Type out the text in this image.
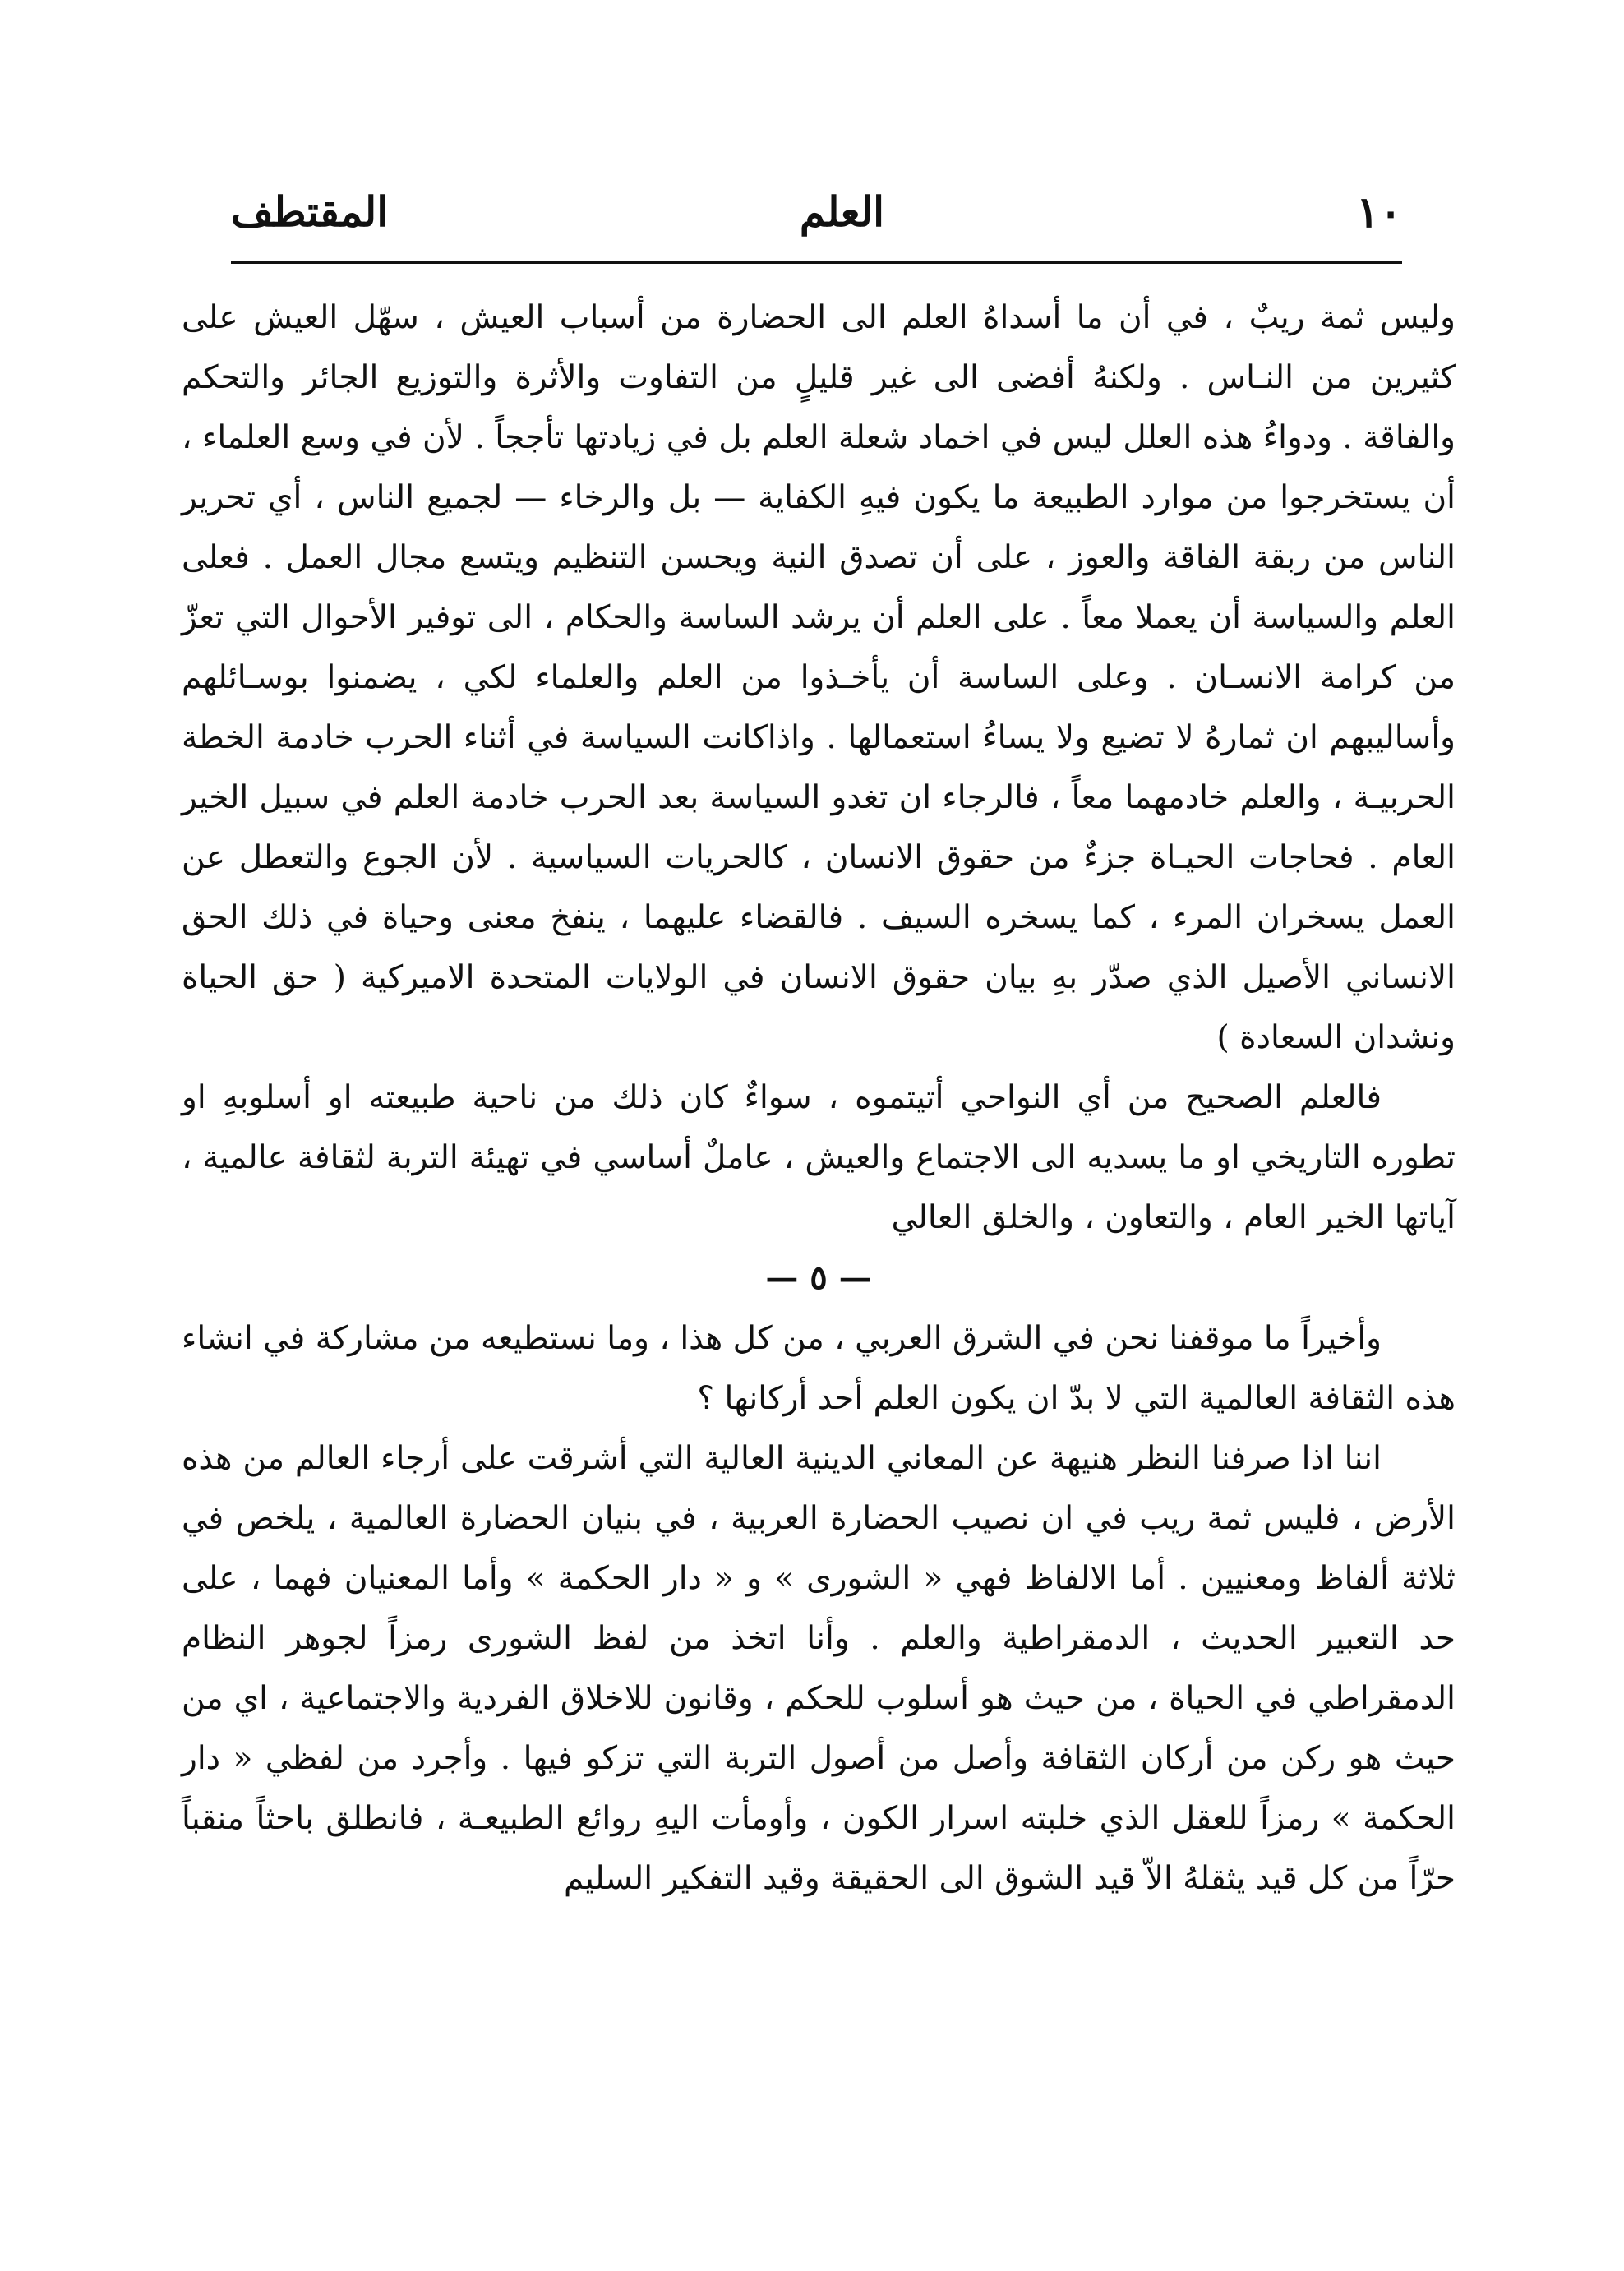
١٠
العلم
المقتطف

وليس ثمة ريبٌ ، في أن ما أسداهُ العلم الى الحضارة من أسباب العيش ، سهّل العيش على كثيرين من النـاس . ولكنهُ أفضى الى غير قليلٍ من التفاوت والأثرة والتوزيع الجائر والتحكم والفاقة . ودواءُ هذه العلل ليس في اخماد شعلة العلم بل في زيادتها تأججاً . لأن في وسع العلماء ، أن يستخرجوا من موارد الطبيعة ما يكون فيهِ الكفاية — بل والرخاء — لجميع الناس ، أي تحرير الناس من ربقة الفاقة والعوز ، على أن تصدق النية ويحسن التنظيم ويتسع مجال العمل . فعلى العلم والسياسة أن يعملا معاً . على العلم أن يرشد الساسة والحكام ، الى توفير الأحوال التي تعزّ من كرامة الانسـان . وعلى الساسة أن يأخـذوا من العلم والعلماء لكي ، يضمنوا بوسـائلهم وأساليبهم ان ثمارهُ لا تضيع ولا يساءُ استعمالها . واذاكانت السياسة في أثناء الحرب خادمة الخطة الحربيـة ، والعلم خادمهما معاً ، فالرجاء ان تغدو السياسة بعد الحرب خادمة العلم في سبيل الخير العام . فحاجات الحيـاة جزءٌ من حقوق الانسان ، كالحريات السياسية . لأن الجوع والتعطل عن العمل يسخران المرء ، كما يسخره السيف . فالقضاء عليهما ، ينفخ معنى وحياة في ذلك الحق الانساني الأصيل الذي صدّر بهِ بيان حقوق الانسان في الولايات المتحدة الاميركية ( حق الحياة ونشدان السعادة )

فالعلم الصحيح من أي النواحي أتيتموه ، سواءٌ كان ذلك من ناحية طبيعته او أسلوبهِ او تطوره التاريخي او ما يسديه الى الاجتماع والعيش ، عاملٌ أساسي في تهيئة التربة لثقافة عالمية ، آياتها الخير العام ، والتعاون ، والخلق العالي

— ٥ —

وأخيراً ما موقفنا نحن في الشرق العربي ، من كل هذا ، وما نستطيعه من مشاركة في انشاء هذه الثقافة العالمية التي لا بدّ ان يكون العلم أحد أركانها ؟

اننا اذا صرفنا النظر هنيهة عن المعاني الدينية العالية التي أشرقت على أرجاء العالم من هذه الأرض ، فليس ثمة ريب في ان نصيب الحضارة العربية ، في بنيان الحضارة العالمية ، يلخص في ثلاثة ألفاظ ومعنيين . أما الالفاظ فهي « الشورى » و « دار الحكمة » وأما المعنيان فهما ، على حد التعبير الحديث ، الدمقراطية والعلم . وأنا اتخذ من لفظ الشورى رمزاً لجوهر النظام الدمقراطي في الحياة ، من حيث هو أسلوب للحكم ، وقانون للاخلاق الفردية والاجتماعية ، اي من حيث هو ركن من أركان الثقافة وأصل من أصول التربة التي تزكو فيها . وأجرد من لفظي « دار الحكمة » رمزاً للعقل الذي خلبته اسرار الكون ، وأومأت اليهِ روائع الطبيعـة ، فانطلق باحثاً منقباً حرّاً من كل قيد يثقلهُ الاّ قيد الشوق الى الحقيقة وقيد التفكير السليم
